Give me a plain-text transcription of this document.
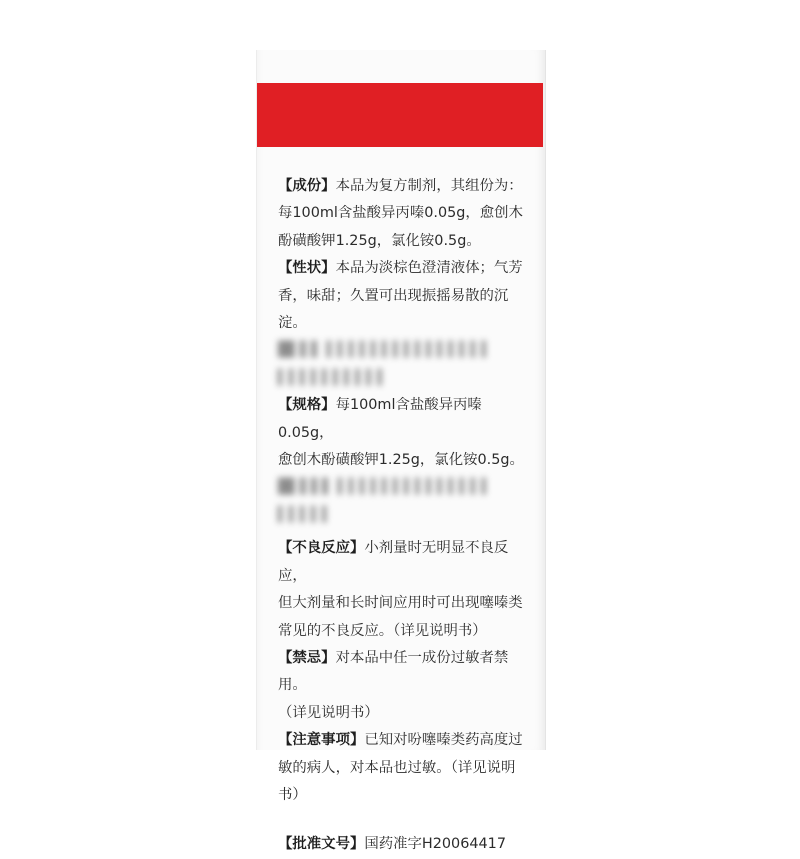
【成份】本品为复方制剂，其组份为：
每100ml含盐酸异丙嗪0.05g，愈创木
酚磺酸钾1.25g，氯化铵0.5g。
【性状】本品为淡棕色澄清液体；气芳
香，味甜；久置可出现振摇易散的沉淀。
█▌▌▌ ▍▍▍▍▍▍▍▍▍▍▍▍▍▍▍
▍▍▍▍▍▍▍▍▍▍
【规格】每100ml含盐酸异丙嗪0.05g，
愈创木酚磺酸钾1.25g，氯化铵0.5g。
█▌▌▌▌ ▍▍▍▍▍▍▍▍▍▍▍▍▍▍
▍▍▍▍▍
【不良反应】小剂量时无明显不良反应，
但大剂量和长时间应用时可出现噻嗪类
常见的不良反应。（详见说明书）
【禁忌】对本品中任一成份过敏者禁用。
（详见说明书）
【注意事项】已知对吩噻嗪类药高度过
敏的病人，对本品也过敏。（详见说明
书）
【批准文号】国药准字H20064417
